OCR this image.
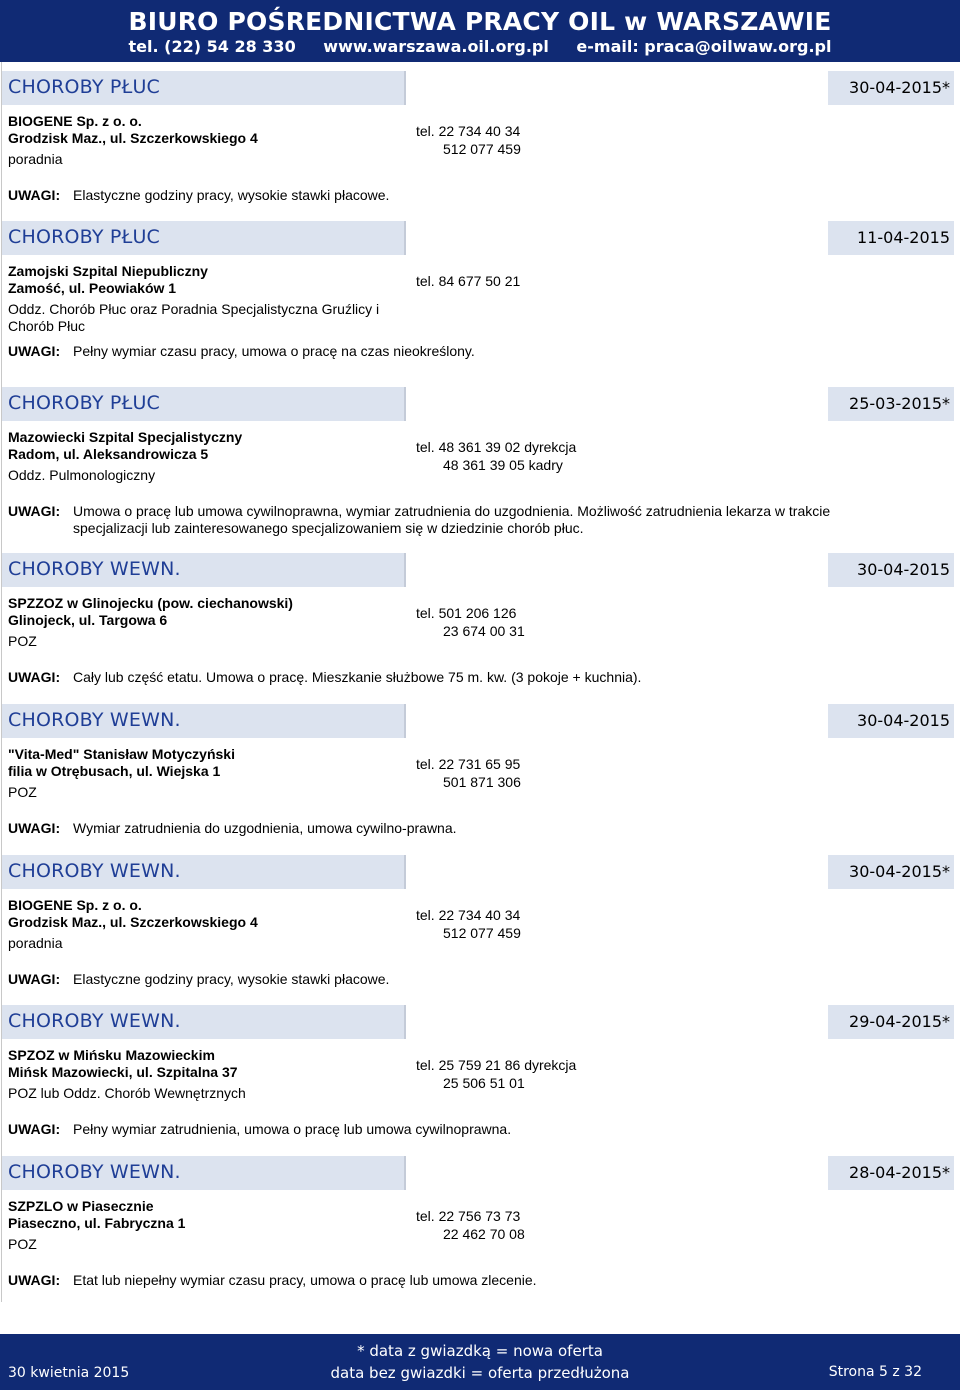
BIURO POŚREDNICTWA PRACY OIL w WARSZAWIE
tel. (22) 54 28 330 www.warszawa.oil.org.pl e-mail: praca@oilwaw.org.pl
CHOROBY PŁUC	30-04-2015*
BIOGENE Sp. z o. o.
Grodzisk Maz., ul. Szczerkowskiego 4
poradnia
tel. 22 734 40 34
512 077 459
UWAGI: Elastyczne godziny pracy, wysokie stawki płacowe.
CHOROBY PŁUC	11-04-2015
Zamojski Szpital Niepubliczny
Zamość, ul. Peowiaków 1
Oddz. Chorób Płuc oraz Poradnia Specjalistyczna Gruźlicy i Chorób Płuc
tel. 84 677 50 21
UWAGI: Pełny wymiar czasu pracy, umowa o pracę na czas nieokreślony.
CHOROBY PŁUC	25-03-2015*
Mazowiecki Szpital Specjalistyczny
Radom, ul. Aleksandrowicza 5
Oddz. Pulmonologiczny
tel. 48 361 39 02 dyrekcja
48 361 39 05 kadry
UWAGI: Umowa o pracę lub umowa cywilnoprawna, wymiar zatrudnienia do uzgodnienia. Możliwość zatrudnienia lekarza w trakcie specjalizacji lub zainteresowanego specjalizowaniem się w dziedzinie chorób płuc.
CHOROBY WEWN.	30-04-2015
SPZZOZ w Glinojecku (pow. ciechanowski)
Glinojeck, ul. Targowa 6
POZ
tel. 501 206 126
23 674 00 31
UWAGI: Cały lub część etatu. Umowa o pracę. Mieszkanie służbowe 75 m. kw. (3 pokoje + kuchnia).
CHOROBY WEWN.	30-04-2015
"Vita-Med" Stanisław Motyczyński
filia w Otrębusach, ul. Wiejska 1
POZ
tel. 22 731 65 95
501 871 306
UWAGI: Wymiar zatrudnienia do uzgodnienia, umowa cywilno-prawna.
CHOROBY WEWN.	30-04-2015*
BIOGENE Sp. z o. o.
Grodzisk Maz., ul. Szczerkowskiego 4
poradnia
tel. 22 734 40 34
512 077 459
UWAGI: Elastyczne godziny pracy, wysokie stawki płacowe.
CHOROBY WEWN.	29-04-2015*
SPZOZ w Mińsku Mazowieckim
Mińsk Mazowiecki, ul. Szpitalna 37
POZ lub Oddz. Chorób Wewnętrznych
tel. 25 759 21 86 dyrekcja
25 506 51 01
UWAGI: Pełny wymiar zatrudnienia, umowa o pracę lub umowa cywilnoprawna.
CHOROBY WEWN.	28-04-2015*
SZPZLO w Piasecznie
Piaseczno, ul. Fabryczna 1
POZ
tel. 22 756 73 73
22 462 70 08
UWAGI: Etat lub niepełny wymiar czasu pracy, umowa o pracę lub umowa zlecenie.
30 kwietnia 2015
* data z gwiazdką = nowa oferta
data bez gwiazdki = oferta przedłużona	Strona 5 z 32
